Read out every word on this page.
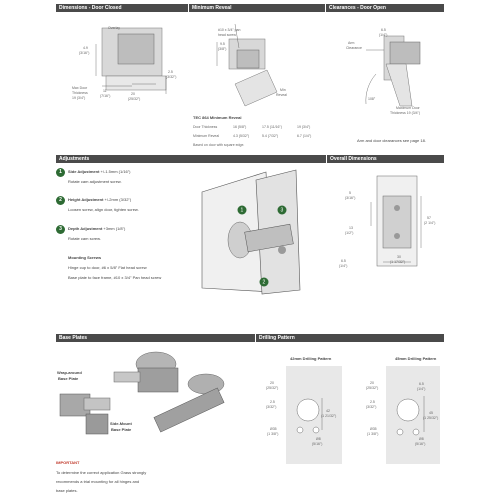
Dimensions - Door Closed	Minimum Reveal	Clearances - Door Open
Overlay
4.9
(3/16")
2.5
(3/32")
Max Door
Thickness
19 (3/4")
11
(7/16")	20
(25/32")
#10 x 3/4" pan
head screw
9.5
(3/8")
Min
Reveal
TEC 864 Minimum Reveal
Door Thickness	16 (5/8")	17.5 (11/16")	19 (3/4")
Minimum Reveal	4.3 (5/32")	5.4 (7/32")	6.7 (1/4")
Based on door with square edge.
6.5
(1/4")
Arm
Clearance
108°
Maximum Door
Thickness 19 (3/4")
Arm and door clearances see page 18.
Adjustments	Overall Dimensions
1	Side Adjustment +/-1.5mm (1/16")
Rotate cam adjustment screw.
2	Height Adjustment +/-2mm (3/32")
Loosen screw, align door, tighten screw.
3	Depth Adjustment +3mm (1/8")
Rotate cam screw.
Mounting Screws
Hinge cup to door, #6 x 5/8" Flat head screw
Base plate to face frame, #10 x 3/4" Pan head screw
1	3
2
5
(3/16")
13
(1/2")
57
(2 1/4")
6.5
(1/4")
30
(1 17/32")
Base Plates	Drilling Pattern
Wrap-around
Base Plate
Side-Mount
Base Plate
IMPORTANT
To determine the correct application Grass strongly
recommends a trial mounting for all hinges and
base plates.
42mm Drilling Pattern
20
(25/32")
2.5
(3/32")
42
(1 21/32")
Ø35
(1 3/8")
Ø8
(5/16")
45mm Drilling Pattern
6.5
(1/4")
20
(25/32")
2.5
(3/32")
45
(1 25/32")
Ø35
(1 3/8")
Ø8
(5/16")
